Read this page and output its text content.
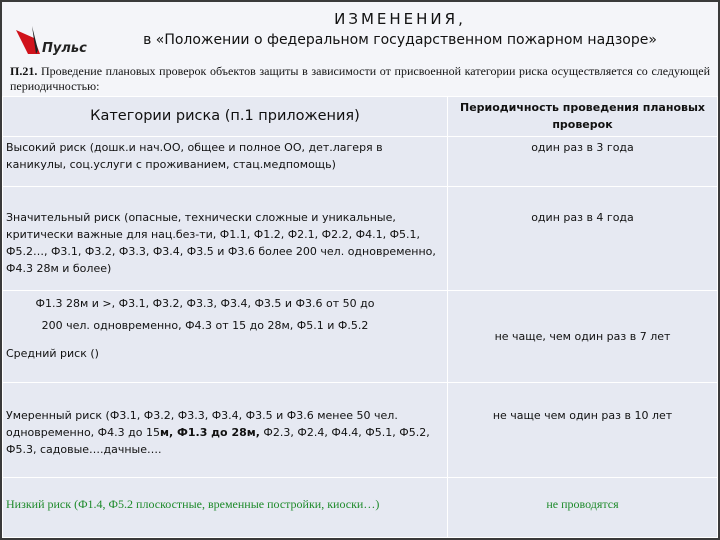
Пульс
ИЗМЕНЕНИЯ,
в «Положении о федеральном государственном пожарном надзоре»
П.21. Проведение плановых проверок объектов защиты в зависимости от присвоенной категории риска осуществляется со следующей периодичностью:
Категории риска (п.1 приложения)	Периодичность проведения плановых проверок
Высокий риск (дошк.и нач.ОО, общее и полное ОО, дет.лагеря в каникулы, соц.услуги с проживанием, стац.медпомощь)	один раз в 3 года
Значительный риск (опасные, технически сложные и уникальные, критически важные для нац.без-ти, Ф1.1, Ф1.2, Ф2.1, Ф2.2, Ф4.1, Ф5.1, Ф5.2…, Ф3.1, Ф3.2, Ф3.3, Ф3.4, Ф3.5 и Ф3.6 более 200 чел. одновременно, Ф4.3 28м и более)	один раз в 4 года

Ф1.3 28м и >, Ф3.1, Ф3.2, Ф3.3, Ф3.4, Ф3.5 и Ф3.6 от 50 до 200 чел. одновременно, Ф4.3 от 15 до 28м, Ф5.1 и Ф.5.2
Средний риск ()	не чаще, чем один раз в 7 лет
Умеренный риск (Ф3.1, Ф3.2, Ф3.3, Ф3.4, Ф3.5 и Ф3.6 менее 50 чел. одновременно, Ф4.3 до 15м, Ф1.3 до 28м, Ф2.3, Ф2.4, Ф4.4, Ф5.1, Ф5.2, Ф5.3, садовые….дачные….	не чаще чем один раз в 10 лет
Низкий риск (Ф1.4, Ф5.2 плоскостные, временные постройки, киоски…)	не проводятся
